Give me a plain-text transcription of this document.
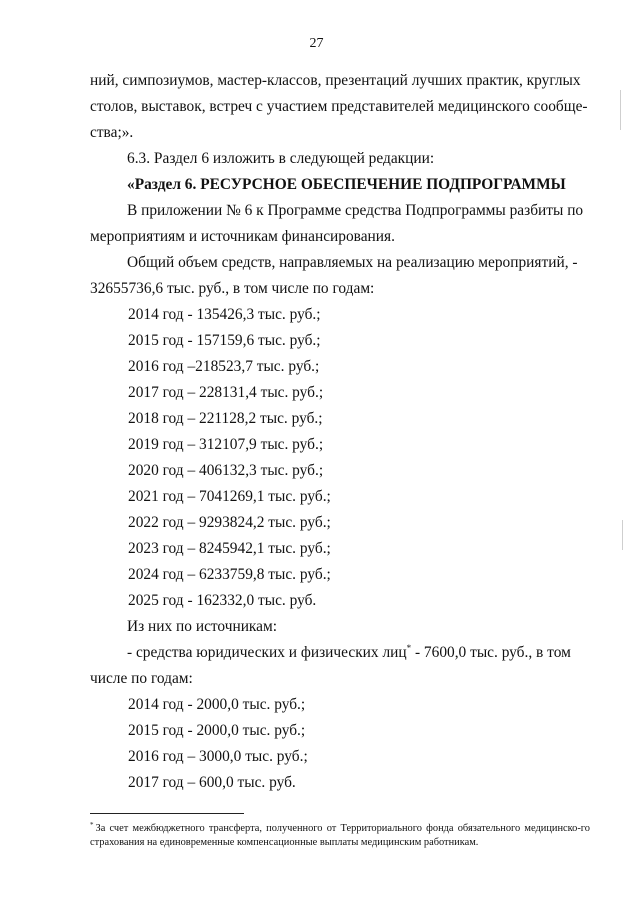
27

ний, симпозиумов, мастер-классов, презентаций лучших практик, круглых

столов, выставок, встреч с участием представителей медицинского сообще-

ства;».

6.3. Раздел 6 изложить в следующей редакции:

«Раздел 6. РЕСУРСНОЕ ОБЕСПЕЧЕНИЕ ПОДПРОГРАММЫ

В приложении № 6 к Программе средства Подпрограммы разбиты по

мероприятиям и источникам финансирования.

Общий объем средств, направляемых на реализацию мероприятий, -

32655736,6 тыс. руб., в том числе по годам:

2014 год - 135426,3 тыс. руб.;

2015 год - 157159,6 тыс. руб.;

2016 год –218523,7 тыс. руб.;

2017 год – 228131,4 тыс. руб.;

2018 год – 221128,2 тыс. руб.;

2019 год – 312107,9 тыс. руб.;

2020 год – 406132,3 тыс. руб.;

2021 год – 7041269,1 тыс. руб.;

2022 год – 9293824,2 тыс. руб.;

2023 год – 8245942,1 тыс. руб.;

2024 год – 6233759,8 тыс. руб.;

2025 год - 162332,0 тыс. руб.

Из них по источникам:

- средства юридических и физических лиц* - 7600,0 тыс. руб., в том

числе по годам:

2014 год - 2000,0 тыс. руб.;

2015 год - 2000,0 тыс. руб.;

2016 год – 3000,0 тыс. руб.;

2017 год – 600,0 тыс. руб.

* За счет межбюджетного трансферта, полученного от Территориального фонда обязательного медицинско-го страхования на единовременные компенсационные выплаты медицинским работникам.
